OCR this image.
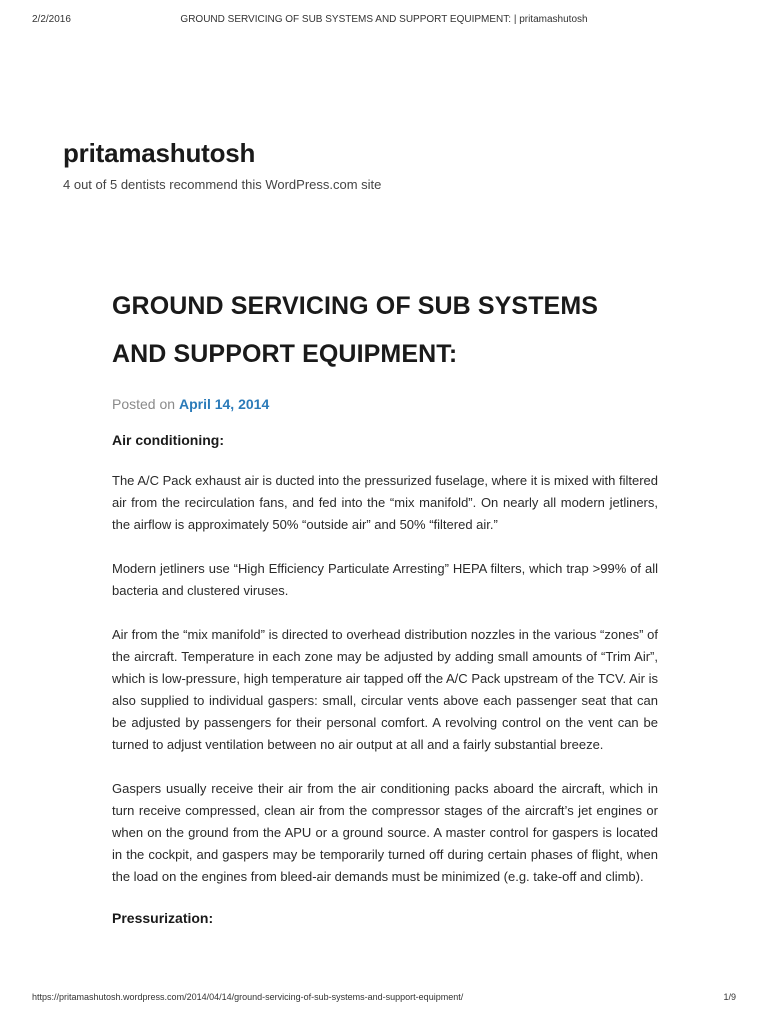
2/2/2016	GROUND SERVICING OF SUB SYSTEMS AND SUPPORT EQUIPMENT: | pritamashutosh
pritamashutosh
4 out of 5 dentists recommend this WordPress.com site
GROUND SERVICING OF SUB SYSTEMS AND SUPPORT EQUIPMENT:
Posted on April 14, 2014

Air conditioning:

The A/C Pack exhaust air is ducted into the pressurized fuselage, where it is mixed with filtered air from the recirculation fans, and fed into the “mix manifold”. On nearly all modern jetliners, the airflow is approximately 50% “outside air” and 50% “filtered air.”

Modern jetliners use “High Efficiency Particulate Arresting” HEPA filters, which trap >99% of all bacteria and clustered viruses.

Air from the “mix manifold” is directed to overhead distribution nozzles in the various “zones” of the aircraft. Temperature in each zone may be adjusted by adding small amounts of “Trim Air”, which is low-pressure, high temperature air tapped off the A/C Pack upstream of the TCV. Air is also supplied to individual gaspers: small, circular vents above each passenger seat that can be adjusted by passengers for their personal comfort. A revolving control on the vent can be turned to adjust ventilation between no air output at all and a fairly substantial breeze.

Gaspers usually receive their air from the air conditioning packs aboard the aircraft, which in turn receive compressed, clean air from the compressor stages of the aircraft’s jet engines or when on the ground from the APU or a ground source. A master control for gaspers is located in the cockpit, and gaspers may be temporarily turned off during certain phases of flight, when the load on the engines from bleed-air demands must be minimized (e.g. take-off and climb).

Pressurization:

https://pritamashutosh.wordpress.com/2014/04/14/ground-servicing-of-sub-systems-and-support-equipment/	1/9
